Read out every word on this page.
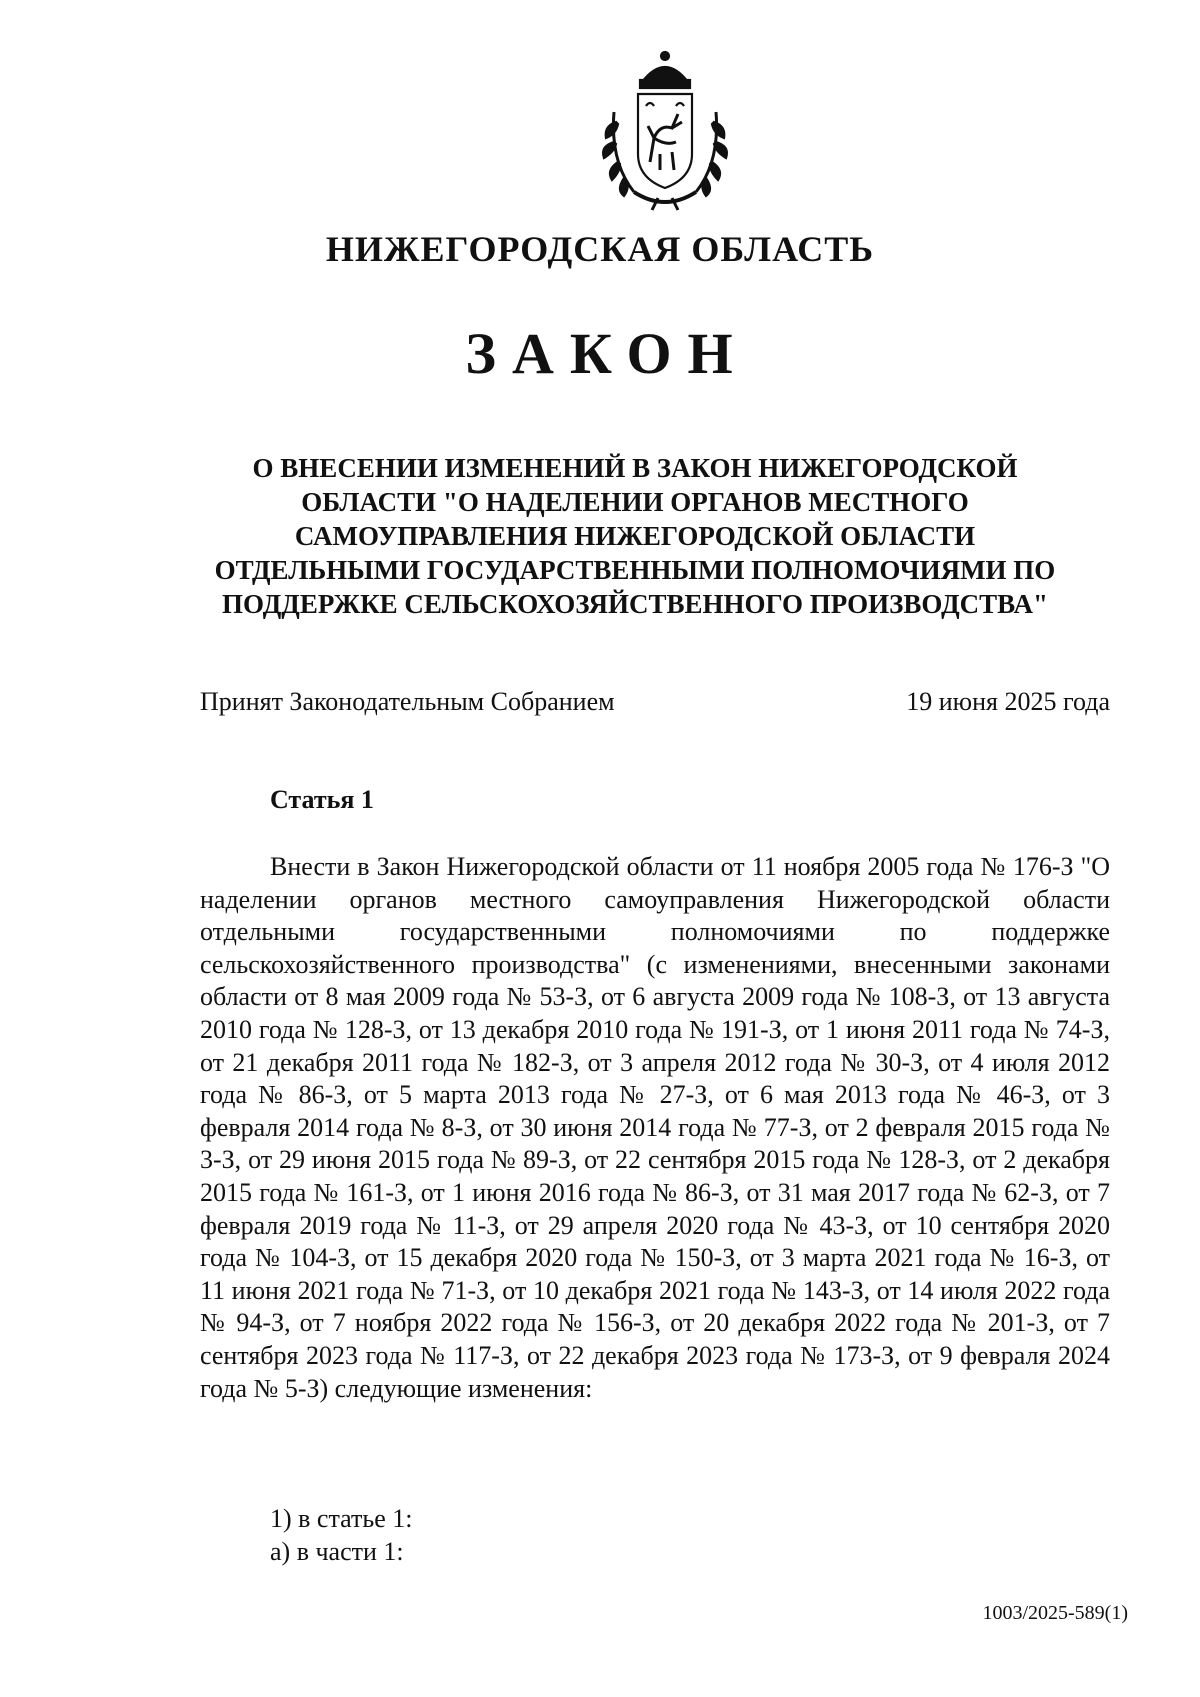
НИЖЕГОРОДСКАЯ ОБЛАСТЬ
ЗАКОН
О ВНЕСЕНИИ ИЗМЕНЕНИЙ В ЗАКОН НИЖЕГОРОДСКОЙ
ОБЛАСТИ "О НАДЕЛЕНИИ ОРГАНОВ МЕСТНОГО
САМОУПРАВЛЕНИЯ НИЖЕГОРОДСКОЙ ОБЛАСТИ
ОТДЕЛЬНЫМИ ГОСУДАРСТВЕННЫМИ ПОЛНОМОЧИЯМИ ПО
ПОДДЕРЖКЕ СЕЛЬСКОХОЗЯЙСТВЕННОГО ПРОИЗВОДСТВА"
Принят Законодательным Собранием	19 июня 2025 года
Статья 1

Внести в Закон Нижегородской области от 11 ноября 2005 года № 176-З "О наделении органов местного самоуправления Нижегородской области отдельными государственными полномочиями по поддержке сельскохозяйственного производства" (с изменениями, внесенными законами области от 8 мая 2009 года № 53-З, от 6 августа 2009 года № 108-З, от 13 августа 2010 года № 128-З, от 13 декабря 2010 года № 191-З, от 1 июня 2011 года № 74-З, от 21 декабря 2011 года № 182-З, от 3 апреля 2012 года № 30-З, от 4 июля 2012 года № 86-З, от 5 марта 2013 года № 27-З, от 6 мая 2013 года № 46-З, от 3 февраля 2014 года № 8-З, от 30 июня 2014 года № 77-З, от 2 февраля 2015 года № 3-З, от 29 июня 2015 года № 89-З, от 22 сентября 2015 года № 128-З, от 2 декабря 2015 года № 161-З, от 1 июня 2016 года № 86-З, от 31 мая 2017 года № 62-З, от 7 февраля 2019 года № 11-З, от 29 апреля 2020 года № 43-З, от 10 сентября 2020 года № 104-З, от 15 декабря 2020 года № 150-З, от 3 марта 2021 года № 16-З, от 11 июня 2021 года № 71-З, от 10 декабря 2021 года № 143-З, от 14 июля 2022 года № 94-З, от 7 ноября 2022 года № 156-З, от 20 декабря 2022 года № 201-З, от 7 сентября 2023 года № 117-З, от 22 декабря 2023 года № 173-З, от 9 февраля 2024 года № 5-З) следующие изменения:

1) в статье 1:

а) в части 1:

1003/2025-589(1)
